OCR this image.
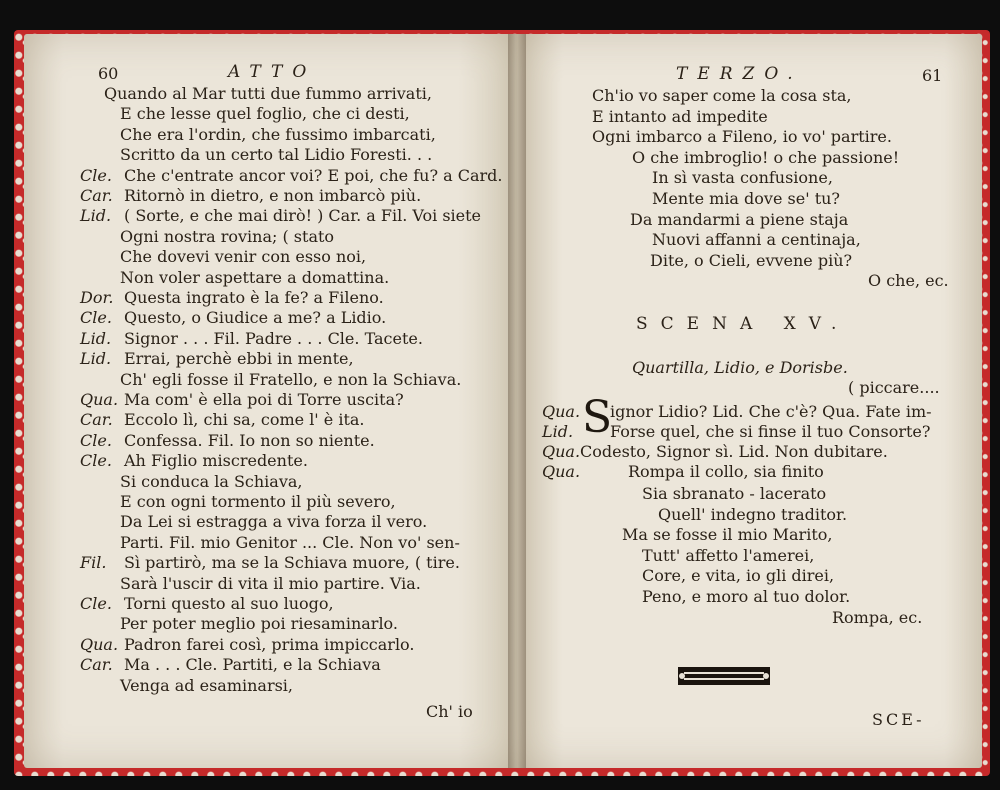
60	ATTO
Quando al Mar tutti due fummo arrivati,
E che lesse quel foglio, che ci desti,
Che era l'ordin, che fussimo imbarcati,
Scritto da un certo tal Lidio Foresti. . .
Cle. Che c'entrate ancor voi? E poi, che fu? a Card.
Car. Ritornò in dietro, e non imbarcò più.
Lid. ( Sorte, e che mai dirò! ) Car. a Fil. Voi siete
Ogni nostra rovina; ( stato
Che dovevi venir con esso noi,
Non voler aspettare a domattina.
Dor. Questa ingrato è la fe? a Fileno.
Cle. Questo, o Giudice a me? a Lidio.
Lid. Signor . . . Fil. Padre . . . Cle. Tacete.
Lid. Errai, perchè ebbi in mente,
Ch' egli fosse il Fratello, e non la Schiava.
Qua. Ma com' è ella poi di Torre uscita?
Car. Eccolo lì, chi sa, come l' è ita.
Cle. Confessa. Fil. Io non so niente.
Cle. Ah Figlio miscredente.
Si conduca la Schiava,
E con ogni tormento il più severo,
Da Lei si estragga a viva forza il vero.
Parti. Fil. mio Genitor ... Cle. Non vo' sen-
Fil. Sì partirò, ma se la Schiava muore, ( tire.
Sarà l'uscir di vita il mio partire. Via.
Cle. Torni questo al suo luogo,
Per poter meglio poi riesaminarlo.
Qua. Padron farei così, prima impiccarlo.
Car. Ma . . . Cle. Partiti, e la Schiava
Venga ad esaminarsi,
Ch' io
TERZO.	61
Ch'io vo saper come la cosa sta,
E intanto ad impedite
Ogni imbarco a Fileno, io vo' partire.
O che imbroglio! o che passione!
In sì vasta confusione,
Mente mia dove se' tu?
Da mandarmi a piene staja
Nuovi affanni a centinaja,
Dite, o Cieli, evvene più?
O che, ec.
SCENA XV.
Quartilla, Lidio, e Dorisbe.
( piccare....
S
Qua. ignor Lidio? Lid. Che c'è? Qua. Fate im-
Lid. Forse quel, che si finse il tuo Consorte?
Qua. Codesto, Signor sì. Lid. Non dubitare.
Qua.	Rompa il collo, sia finito
Sia sbranato - lacerato
Quell' indegno traditor.
Ma se fosse il mio Marito,
Tutt' affetto l'amerei,
Core, e vita, io gli direi,
Peno, e moro al tuo dolor.
Rompa, ec.
SCE-
